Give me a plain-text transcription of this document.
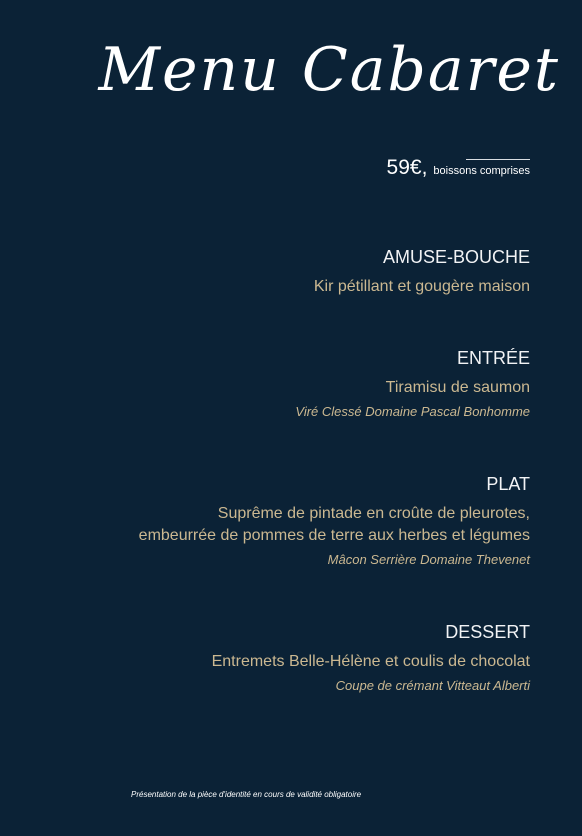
Menu Cabaret
59€, boissons comprises
AMUSE-BOUCHE
Kir pétillant et gougère maison
ENTRÉE
Tiramisu de saumon
Viré Clessé Domaine Pascal Bonhomme
PLAT
Suprême de pintade en croûte de pleurotes,
embeurrée de pommes de terre aux herbes et légumes
Mâcon Serrière Domaine Thevenet
DESSERT
Entremets Belle-Hélène et coulis de chocolat
Coupe de crémant Vitteaut Alberti
Présentation de la pièce d'identité en cours de validité obligatoire
